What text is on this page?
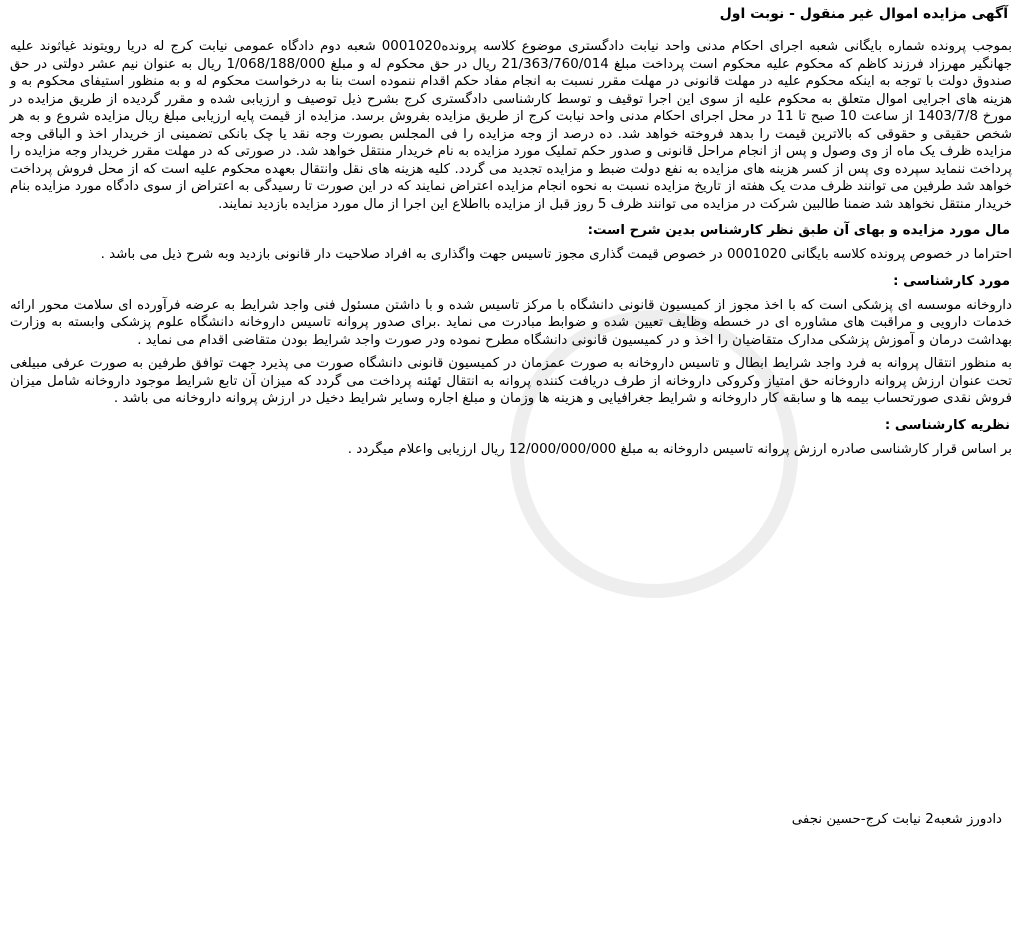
آگهی مزایده اموال غیر منقول - نوبت اول
بموجب پرونده شماره بایگانی شعبه اجرای احکام مدنی واحد نیابت دادگستری موضوع کلاسه پرونده0001020 شعبه دوم دادگاه عمومی نیابت کرج له دریا رویتوند غیاثوند علیه جهانگیر مهرزاد فرزند کاظم که محکوم علیه محکوم است پرداخت مبلغ 21/363/760/014 ریال در حق محکوم له و مبلغ 1/068/188/000 ریال به عنوان نیم عشر دولتی در حق صندوق دولت با توجه به اینکه محکوم علیه در مهلت قانونی در مهلت مقرر نسبت به انجام مفاد حکم اقدام ننموده است بنا به درخواست محکوم له و به منظور استیفای محکوم به و هزینه های اجرایی اموال متعلق به محکوم علیه از سوی این اجرا توقیف و توسط کارشناسی دادگستری کرج بشرح ذیل توصیف و ارزیابی شده و مقرر گردیده از طریق مزایده در مورخ 1403/7/8 از ساعت 10 صبح تا 11 در محل اجرای احکام مدنی واحد نیابت کرج از طریق مزایده بفروش برسد. مزایده از قیمت پایه ارزیابی مبلغ ریال مزایده شروع و به هر شخص حقیقی و حقوقی که بالاترین قیمت را بدهد فروخته خواهد شد. ده درصد از وجه مزایده را فی المجلس بصورت وجه نقد یا چک بانکی تضمینی از خریدار اخذ و الباقی وجه مزایده ظرف یک ماه از وی وصول و پس از انجام مراحل قانونی و صدور حکم تملیک مورد مزایده به نام خریدار منتقل خواهد شد. در صورتی که در مهلت مقرر خریدار وجه مزایده را پرداخت ننماید سپرده وی پس از کسر هزینه های مزایده به نفع دولت ضبط و مزایده تجدید می گردد. کلیه هزینه های نقل وانتقال بعهده محکوم علیه است که از محل فروش پرداخت خواهد شد طرفین می توانند ظرف مدت یک هفته از تاریخ مزایده نسبت به نحوه انجام مزایده اعتراض نمایند که در این صورت تا رسیدگی به اعتراض از سوی دادگاه مورد مزایده بنام خریدار منتقل نخواهد شد ضمنا طالبین شرکت در مزایده می توانند ظرف 5 روز قبل از مزایده بااطلاع این اجرا از مال مورد مزایده بازدید نمایند.
مال مورد مزایده و بهای آن طبق نظر کارشناس بدین شرح است:
احتراما در خصوص پرونده کلاسه بایگانی 0001020 در خصوص قیمت گذاری مجوز تاسیس جهت واگذاری به افراد صلاحیت دار قانونی بازدید وبه شرح ذیل می باشد .
مورد کارشناسی :
داروخانه موسسه ای پزشکی است که با اخذ مجوز از کمیسیون قانونی دانشگاه با مرکز تاسیس شده و با داشتن مسئول فنی واجد شرایط به عرضه فرآورده ای سلامت محور ارائه خدمات دارویی و مراقبت های مشاوره ای در خسطه وظایف تعیین شده و ضوابط مبادرت می نماید .برای صدور پروانه تاسیس داروخانه دانشگاه علوم پزشکی وابسته به وزارت بهداشت درمان و آموزش پزشکی مدارک متقاضیان را اخذ و در کمیسیون قانونی دانشگاه مطرح نموده ودر صورت واجد شرایط بودن متقاضی اقدام می نماید .
به منظور انتقال پروانه به فرد واجد شرایط ابطال و تاسیس داروخانه به صورت عمزمان در کمیسیون قانونی دانشگاه صورت می پذیرد جهت توافق طرفین به صورت عرفی مبیلغی تحت عنوان ارزش پروانه داروخانه حق امتیاز وکروکی داروخانه از طرف دریافت کننده پروانه به انتقال ئهئنه پرداخت می گردد که میزان آن تابع شرایط موجود داروخانه شامل میزان فروش نقدی صورتحساب بیمه ها و سابقه کار داروخانه و شرایط جغرافیایی و هزینه ها وزمان و مبلغ اجاره وسایر شرایط دخیل در ارزش پروانه داروخانه می باشد .
نظریه کارشناسی :
بر اساس قرار کارشناسی صادره ارزش پروانه تاسیس داروخانه به مبلغ 12/000/000/000 ریال ارزیابی واعلام میگردد .
دادورز شعبه2 نیابت کرج-حسین نجفی
